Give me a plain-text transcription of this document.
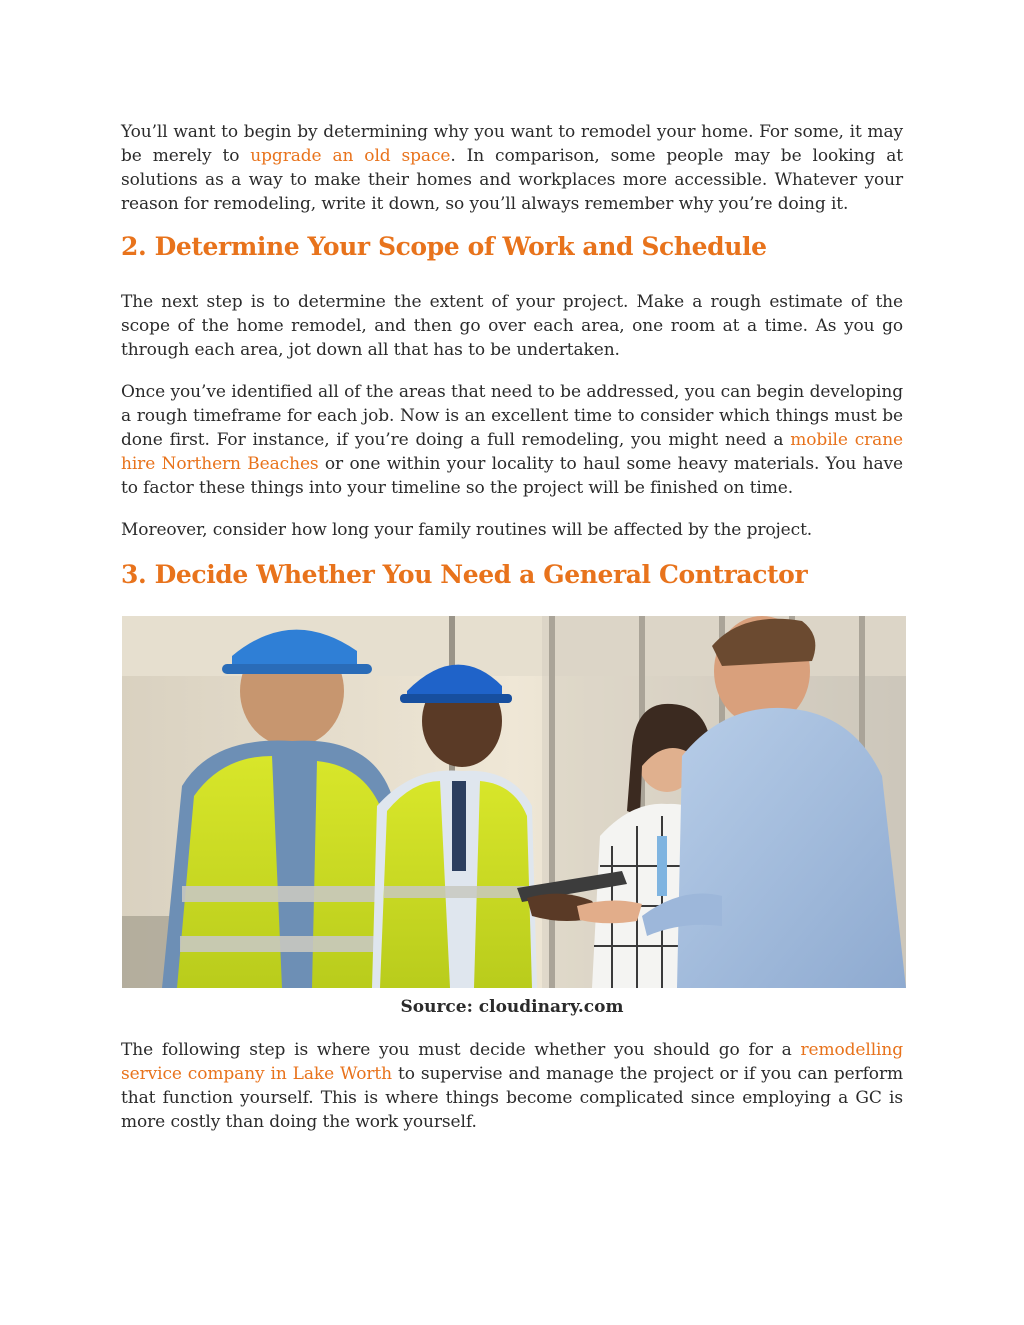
You’ll want to begin by determining why you want to remodel your home. For some, it may be merely to upgrade an old space. In comparison, some people may be looking at solutions as a way to make their homes and workplaces more accessible. Whatever your reason for remodeling, write it down, so you’ll always remember why you’re doing it.

2. Determine Your Scope of Work and Schedule

The next step is to determine the extent of your project. Make a rough estimate of the scope of the home remodel, and then go over each area, one room at a time. As you go through each area, jot down all that has to be undertaken.

Once you’ve identified all of the areas that need to be addressed, you can begin developing a rough timeframe for each job. Now is an excellent time to consider which things must be done first. For instance, if you’re doing a full remodeling, you might need a mobile crane hire Northern Beaches or one within your locality to haul some heavy materials. You have to factor these things into your timeline so the project will be finished on time.

Moreover, consider how long your family routines will be affected by the project.

3. Decide Whether You Need a General Contractor
Source: cloudinary.com

The following step is where you must decide whether you should go for a remodelling service company in Lake Worth to supervise and manage the project or if you can perform that function yourself. This is where things become complicated since employing a GC is more costly than doing the work yourself.
